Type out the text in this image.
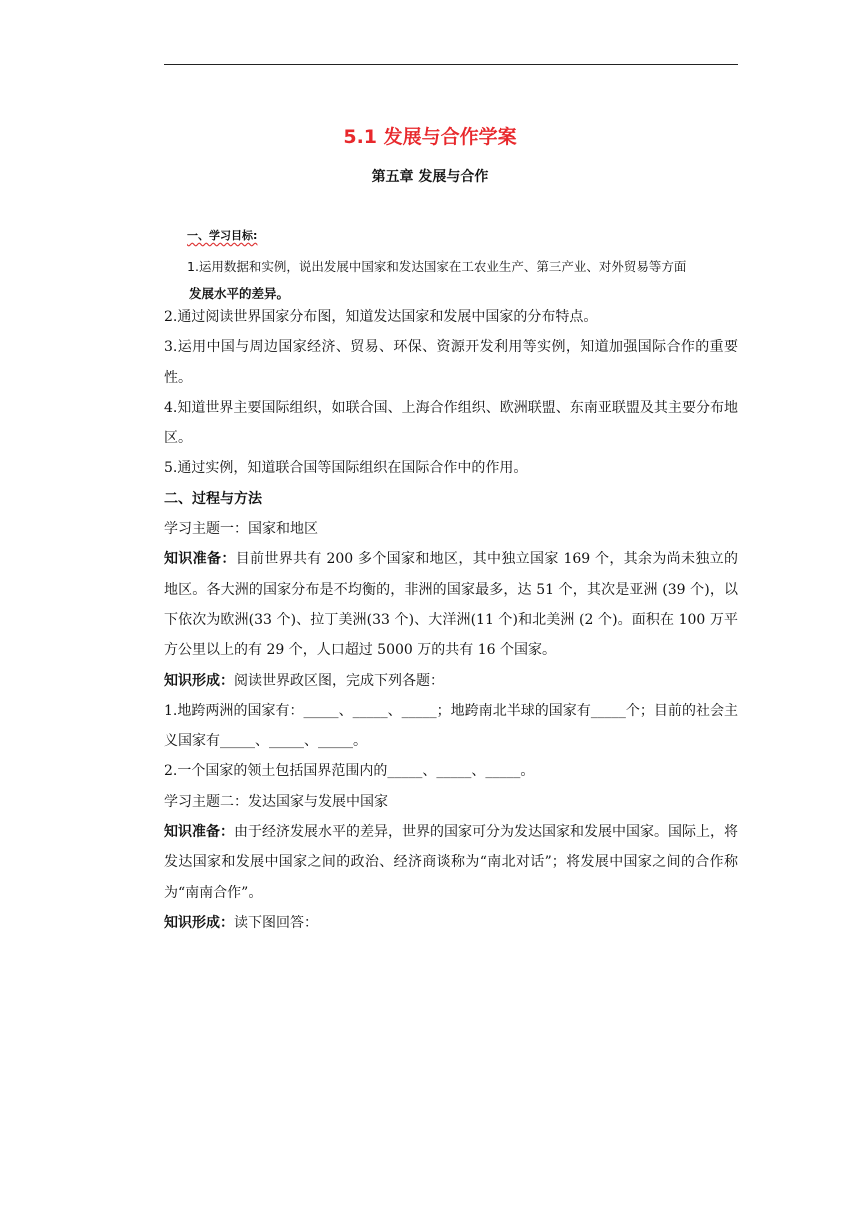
5.1 发展与合作学案
第五章 发展与合作
一、学习目标:
1.运用数据和实例，说出发展中国家和发达国家在工农业生产、第三产业、对外贸易等方面
发展水平的差异。

2.通过阅读世界国家分布图，知道发达国家和发展中国家的分布特点。

3.运用中国与周边国家经济、贸易、环保、资源开发利用等实例，知道加强国际合作的重要性。

4.知道世界主要国际组织，如联合国、上海合作组织、欧洲联盟、东南亚联盟及其主要分布地区。

5.通过实例，知道联合国等国际组织在国际合作中的作用。

二、过程与方法

学习主题一：国家和地区

知识准备：目前世界共有 200 多个国家和地区，其中独立国家 169 个，其余为尚未独立的地区。各大洲的国家分布是不均衡的，非洲的国家最多，达 51 个，其次是亚洲 (39 个)，以下依次为欧洲(33 个)、拉丁美洲(33 个)、大洋洲(11 个)和北美洲 (2 个)。面积在 100 万平方公里以上的有 29 个，人口超过 5000 万的共有 16 个国家。

知识形成：阅读世界政区图，完成下列各题：

1.地跨两洲的国家有：_____、_____、_____；地跨南北半球的国家有_____个；目前的社会主义国家有_____、_____、_____。

2.一个国家的领土包括国界范围内的_____、_____、_____。

学习主题二：发达国家与发展中国家

知识准备：由于经济发展水平的差异，世界的国家可分为发达国家和发展中国家。国际上，将发达国家和发展中国家之间的政治、经济商谈称为“南北对话”；将发展中国家之间的合作称为“南南合作”。

知识形成：读下图回答：
